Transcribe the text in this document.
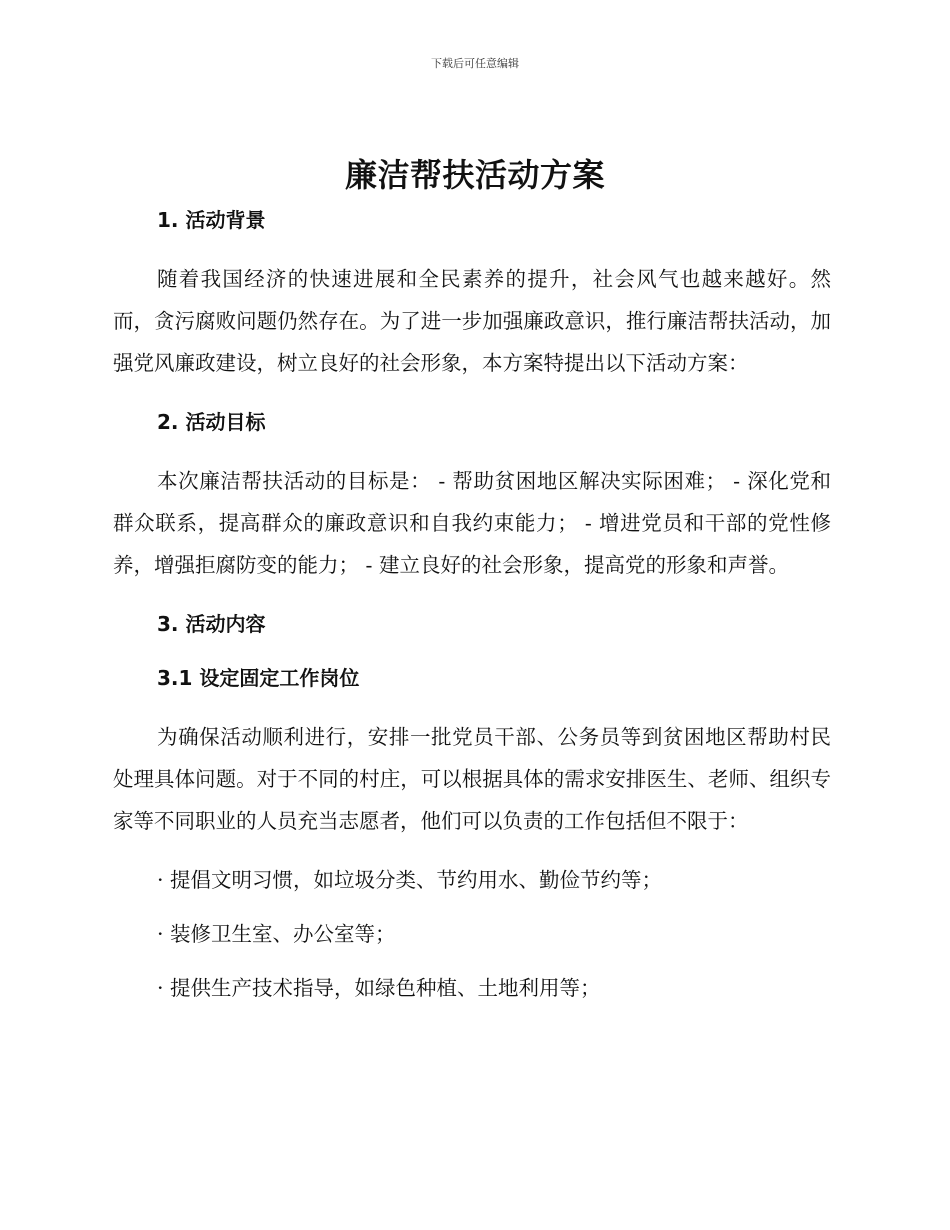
下载后可任意编辑
廉洁帮扶活动方案
1. 活动背景

随着我国经济的快速进展和全民素养的提升，社会风气也越来越好。然而，贪污腐败问题仍然存在。为了进一步加强廉政意识，推行廉洁帮扶活动，加强党风廉政建设，树立良好的社会形象，本方案特提出以下活动方案：

2. 活动目标

本次廉洁帮扶活动的目标是： - 帮助贫困地区解决实际困难； - 深化党和群众联系，提高群众的廉政意识和自我约束能力； - 增进党员和干部的党性修养，增强拒腐防变的能力； - 建立良好的社会形象，提高党的形象和声誉。

3. 活动内容
3.1 设定固定工作岗位

为确保活动顺利进行，安排一批党员干部、公务员等到贫困地区帮助村民处理具体问题。对于不同的村庄，可以根据具体的需求安排医生、老师、组织专家等不同职业的人员充当志愿者，他们可以负责的工作包括但不限于：

· 提倡文明习惯，如垃圾分类、节约用水、勤俭节约等；
· 装修卫生室、办公室等；
· 提供生产技术指导，如绿色种植、土地利用等；
